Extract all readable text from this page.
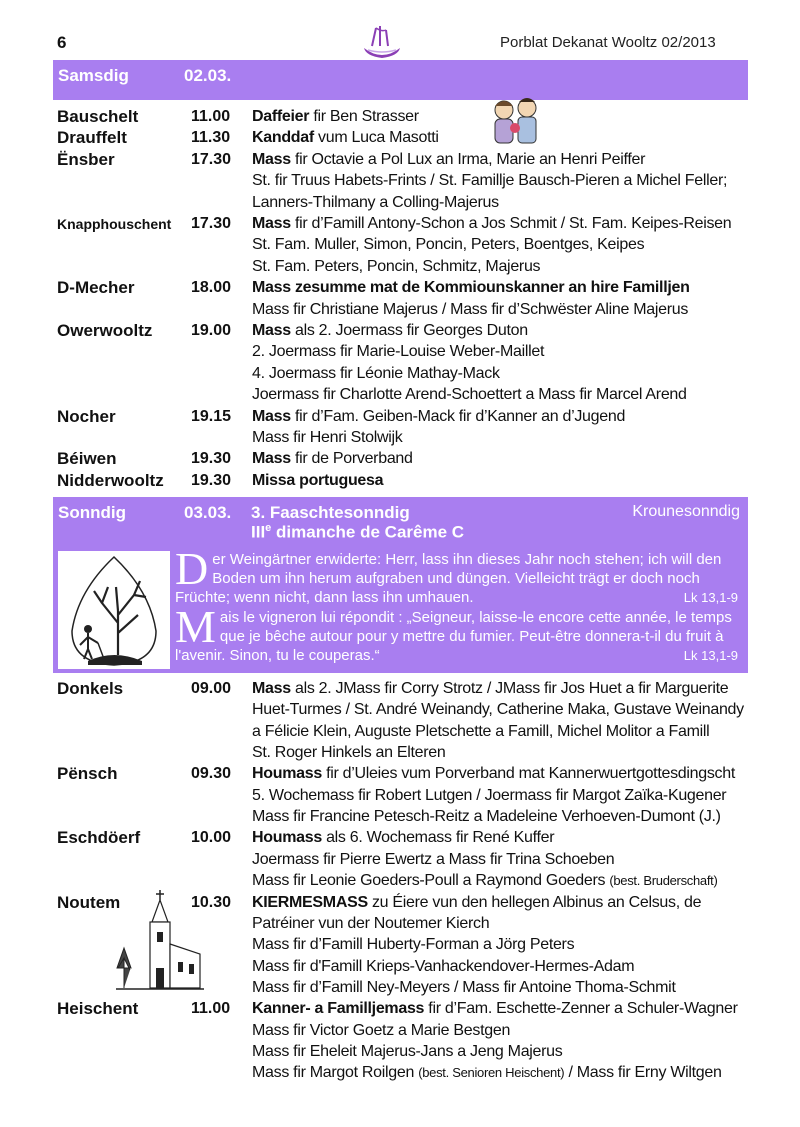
6	Porblat Dekanat Wooltz 02/2013
Samsdig	02.03.
Bauschelt	11.00 Daffeier fir Ben Strasser
Drauffelt	11.30 Kanddaf vum Luca Masotti
Ënsber	17.30 Mass fir Octavie a Pol Lux an Irma, Marie an Henri Peiffer
St. fir Truus Habets-Frints / St. Familljе Bausch-Pieren a Michel Feller;
Lanners-Thilmany a Colling-Majerus
Knapphouschent 17.30 Mass fir d’Famill Antony-Schon a Jos Schmit / St. Fam. Keipes-Reisen
St. Fam. Muller, Simon, Poncin, Peters, Boentges, Keipes
St. Fam. Peters, Poncin, Schmitz, Majerus
D-Mecher	18.00 Mass zesumme mat de Kommiounskanner an hire Familljen
Mass fir Christiane Majerus / Mass fir d’Schwëster Aline Majerus
Owerwooltz 19.00 Mass als 2. Joermass fir Georges Duton
2. Joermass fir Marie-Louise Weber-Maillet
4. Joermass fir Léonie Mathay-Mack
Joermass fir Charlotte Arend-Schoettert a Mass fir Marcel Arend
Nocher	19.15 Mass fir d’Fam. Geiben-Mack fir d’Kanner an d’Jugend
Mass fir Henri Stolwijk
Béiwen	19.30 Mass fir de Porverband
Nidderwooltz 19.30 Missa portuguesa
Sonndig	03.03. 3. Faaschtesonndig
IIIe dimanche de Carême C
Krounesonndig
Der Weingärtner erwiderte: Herr, lass ihn dieses Jahr noch stehen; ich will den Boden um ihn herum aufgraben und düngen. Vielleicht trägt er doch noch Früchte; wenn nicht, dann lass ihn umhauen.	Lk 13,1-9
Mais le vigneron lui répondit : „Seigneur, laisse-le encore cette année, le temps que je bêche autour pour y mettre du fumier. Peut-être donnera-t-il du fruit à l'avenir. Sinon, tu le couperas.“	Lk 13,1-9
Donkels	09.00 Mass als 2. JMass fir Corry Strotz / JMass fir Jos Huet a fir Marguerite
Huet-Turmes / St. André Weinandy, Catherine Maka, Gustave Weinandy
a Félicie Klein, Auguste Pletschette a Famill, Michel Molitor a Famill
St. Roger Hinkels an Elteren
Pënsch	09.30 Houmass fir d’Uleies vum Porverband mat Kannerwuertgottesdingscht
5. Wochemass fir Robert Lutgen / Joermass fir Margot Zaïka-Kugener
Mass fir Francine Petesch-Reitz a Madeleine Verhoeven-Dumont (J.)
Eschdöerf	10.00 Houmass als 6. Wochemass fir René Kuffer
Joermass fir Pierre Ewertz a Mass fir Trina Schoeben
Mass fir Leonie Goeders-Poull a Raymond Goeders (best. Bruderschaft)
Noutem	10.30 KIERMESMASS zu Éiere vun den hellegen Albinus an Celsus, de
Patréiner vun der Noutemer Kierch
Mass fir d’Famill Huberty-Forman a Jörg Peters
Mass fir d'Famill Krieps-Vanhackendover-Hermes-Adam
Mass fir d’Famill Ney-Meyers / Mass fir Antoine Thoma-Schmit
Heischent	11.00 Kanner- a Familljemass fir d’Fam. Eschette-Zenner a Schuler-Wagner
Mass fir Victor Goetz a Marie Bestgen
Mass fir Eheleit Majerus-Jans a Jeng Majerus
Mass fir Margot Roilgen (best. Senioren Heischent) / Mass fir Erny Wiltgen
